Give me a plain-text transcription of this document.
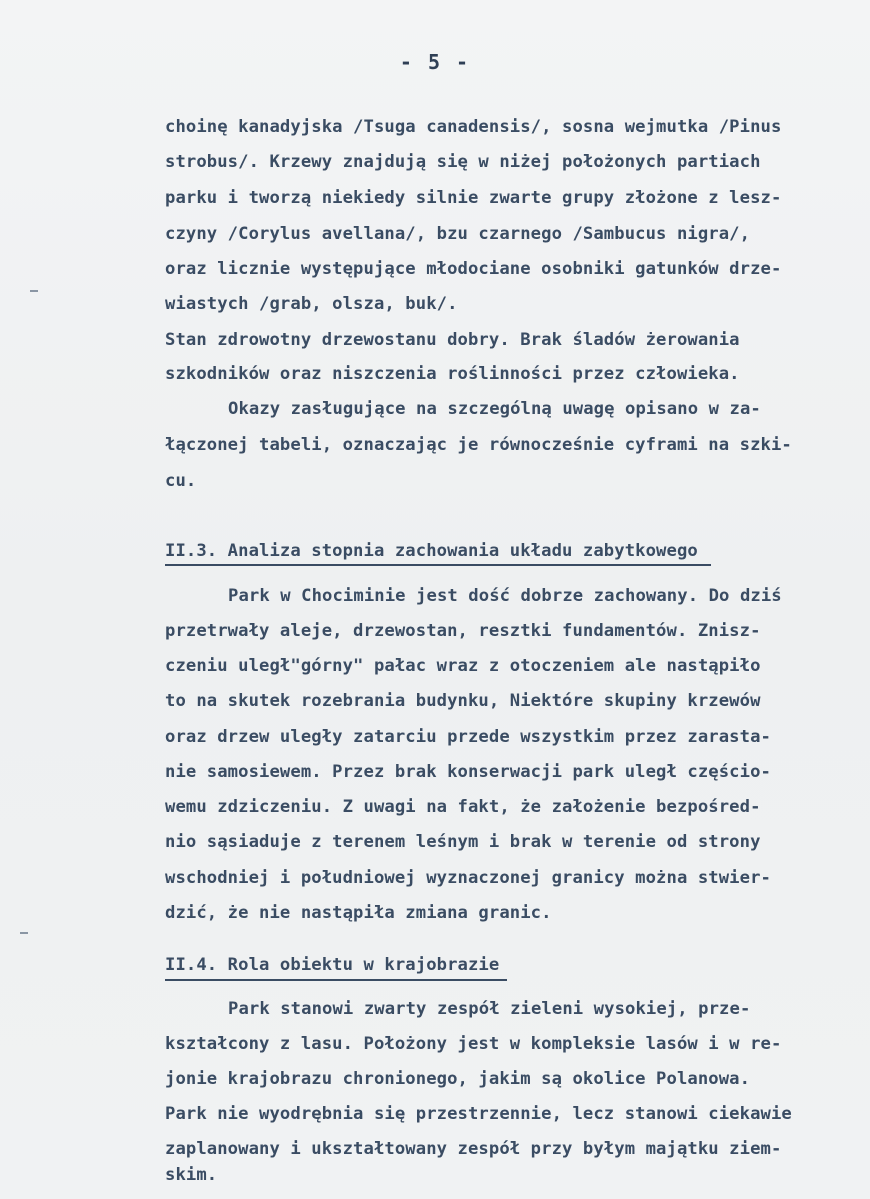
- 5 -
choinę kanadyjska /Tsuga canadensis/, sosna wejmutka /Pinus
strobus/. Krzewy znajdują się w niżej położonych partiach
parku i tworzą niekiedy silnie zwarte grupy złożone z lesz-
czyny /Corylus avellana/, bzu czarnego /Sambucus nigra/,
oraz licznie występujące młodociane osobniki gatunków drze-
wiastych /grab, olsza, buk/.
Stan zdrowotny drzewostanu dobry. Brak śladów żerowania
szkodników oraz niszczenia roślinności przez człowieka.
Okazy zasługujące na szczególną uwagę opisano w za-
łączonej tabeli, oznaczając je równocześnie cyframi na szki-
cu.
II.3. Analiza stopnia zachowania układu zabytkowego
Park w Chociminie jest dość dobrze zachowany. Do dziś
przetrwały aleje, drzewostan, resztki fundamentów. Znisz-
czeniu uległ"górny" pałac wraz z otoczeniem ale nastąpiło
to na skutek rozebrania budynku, Niektóre skupiny krzewów
oraz drzew uległy zatarciu przede wszystkim przez zarasta-
nie samosiewem. Przez brak konserwacji park uległ częścio-
wemu zdziczeniu. Z uwagi na fakt, że założenie bezpośred-
nio sąsiaduje z terenem leśnym i brak w terenie od strony
wschodniej i południowej wyznaczonej granicy można stwier-
dzić, że nie nastąpiła zmiana granic.
II.4. Rola obiektu w krajobrazie
Park stanowi zwarty zespół zieleni wysokiej, prze-
kształcony z lasu. Położony jest w kompleksie lasów i w re-
jonie krajobrazu chronionego, jakim są okolice Polanowa.
Park nie wyodrębnia się przestrzennie, lecz stanowi ciekawie
zaplanowany i ukształtowany zespół przy byłym majątku ziem-
skim.
